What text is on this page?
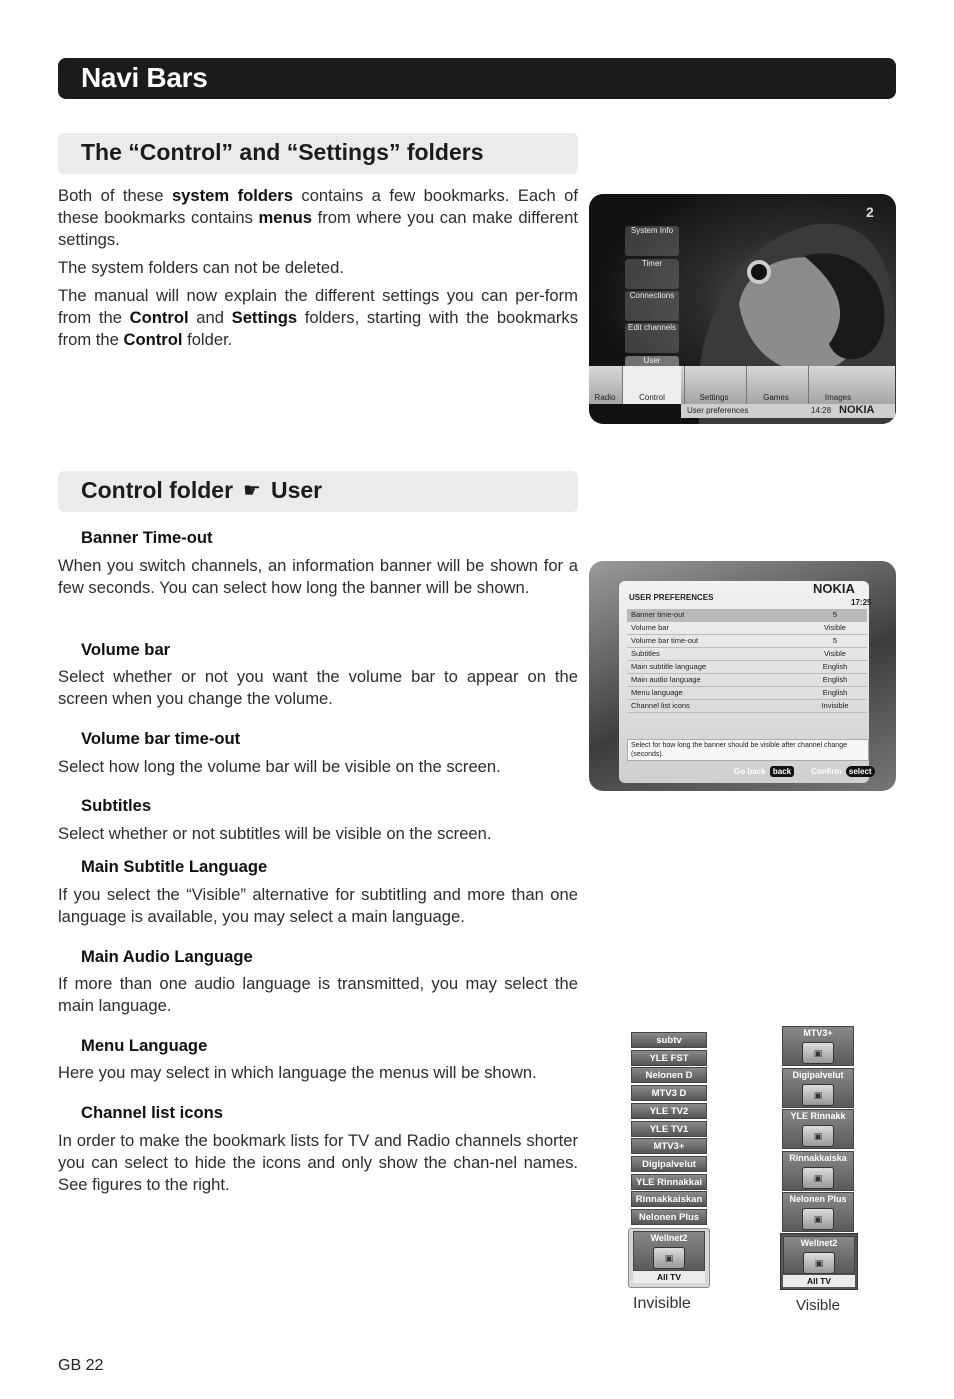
Navi Bars
The “Control” and “Settings” folders

Both of these system folders contains a few bookmarks. Each of these bookmarks contains menus from where you can make different settings.

The system folders can not be deleted.

The manual will now explain the different settings you can per-form from the Control and Settings folders, starting with the bookmarks from the Control folder.

2
System Info
Timer
Connections
Edit channels
User
Radio	Control	Settings	Games	Images
User preferences	14:28 NOKIA
Control folder ☛ User
Banner Time-out

When you switch channels, an information banner will be shown for a few seconds. You can select how long the banner will be shown.

Volume bar

Select whether or not you want the volume bar to appear on the screen when you change the volume.

Volume bar time-out

Select how long the volume bar will be visible on the screen.

Subtitles

Select whether or not subtitles will be visible on the screen.

Main Subtitle Language

If you select the “Visible” alternative for subtitling and more than one language is available, you may select a main language.

Main Audio Language

If more than one audio language is transmitted, you may select the main language.

Menu Language

Here you may select in which language the menus will be shown.

Channel list icons

In order to make the bookmark lists for TV and Radio channels shorter you can select to hide the icons and only show the chan-nel names. See figures to the right.

USER PREFERENCES
Banner time-out	5
Volume bar	Visible
Volume bar time-out	5
Subtitles	Visible
Main subtitle language	English
Main audio language	English
Menu language	English
Channel list icons	Invisible
Select for how long the banner should be visible after channel change (seconds).
NOKIA
17:25
Go back back	Confirm select
subtv
YLE FST
Nelonen D
MTV3 D
YLE TV2
YLE TV1
MTV3+
Digipalvelut
YLE Rinnakkai
Rinnakkaiskan
Nelonen Plus
Wellnet2
▣
All TV
Invisible
MTV3+
▣
Digipalvelut
▣
YLE Rinnakk
▣
Rinnakkaiska
▣
Nelonen Plus
▣
Wellnet2
▣
All TV
Visible
GB 22
